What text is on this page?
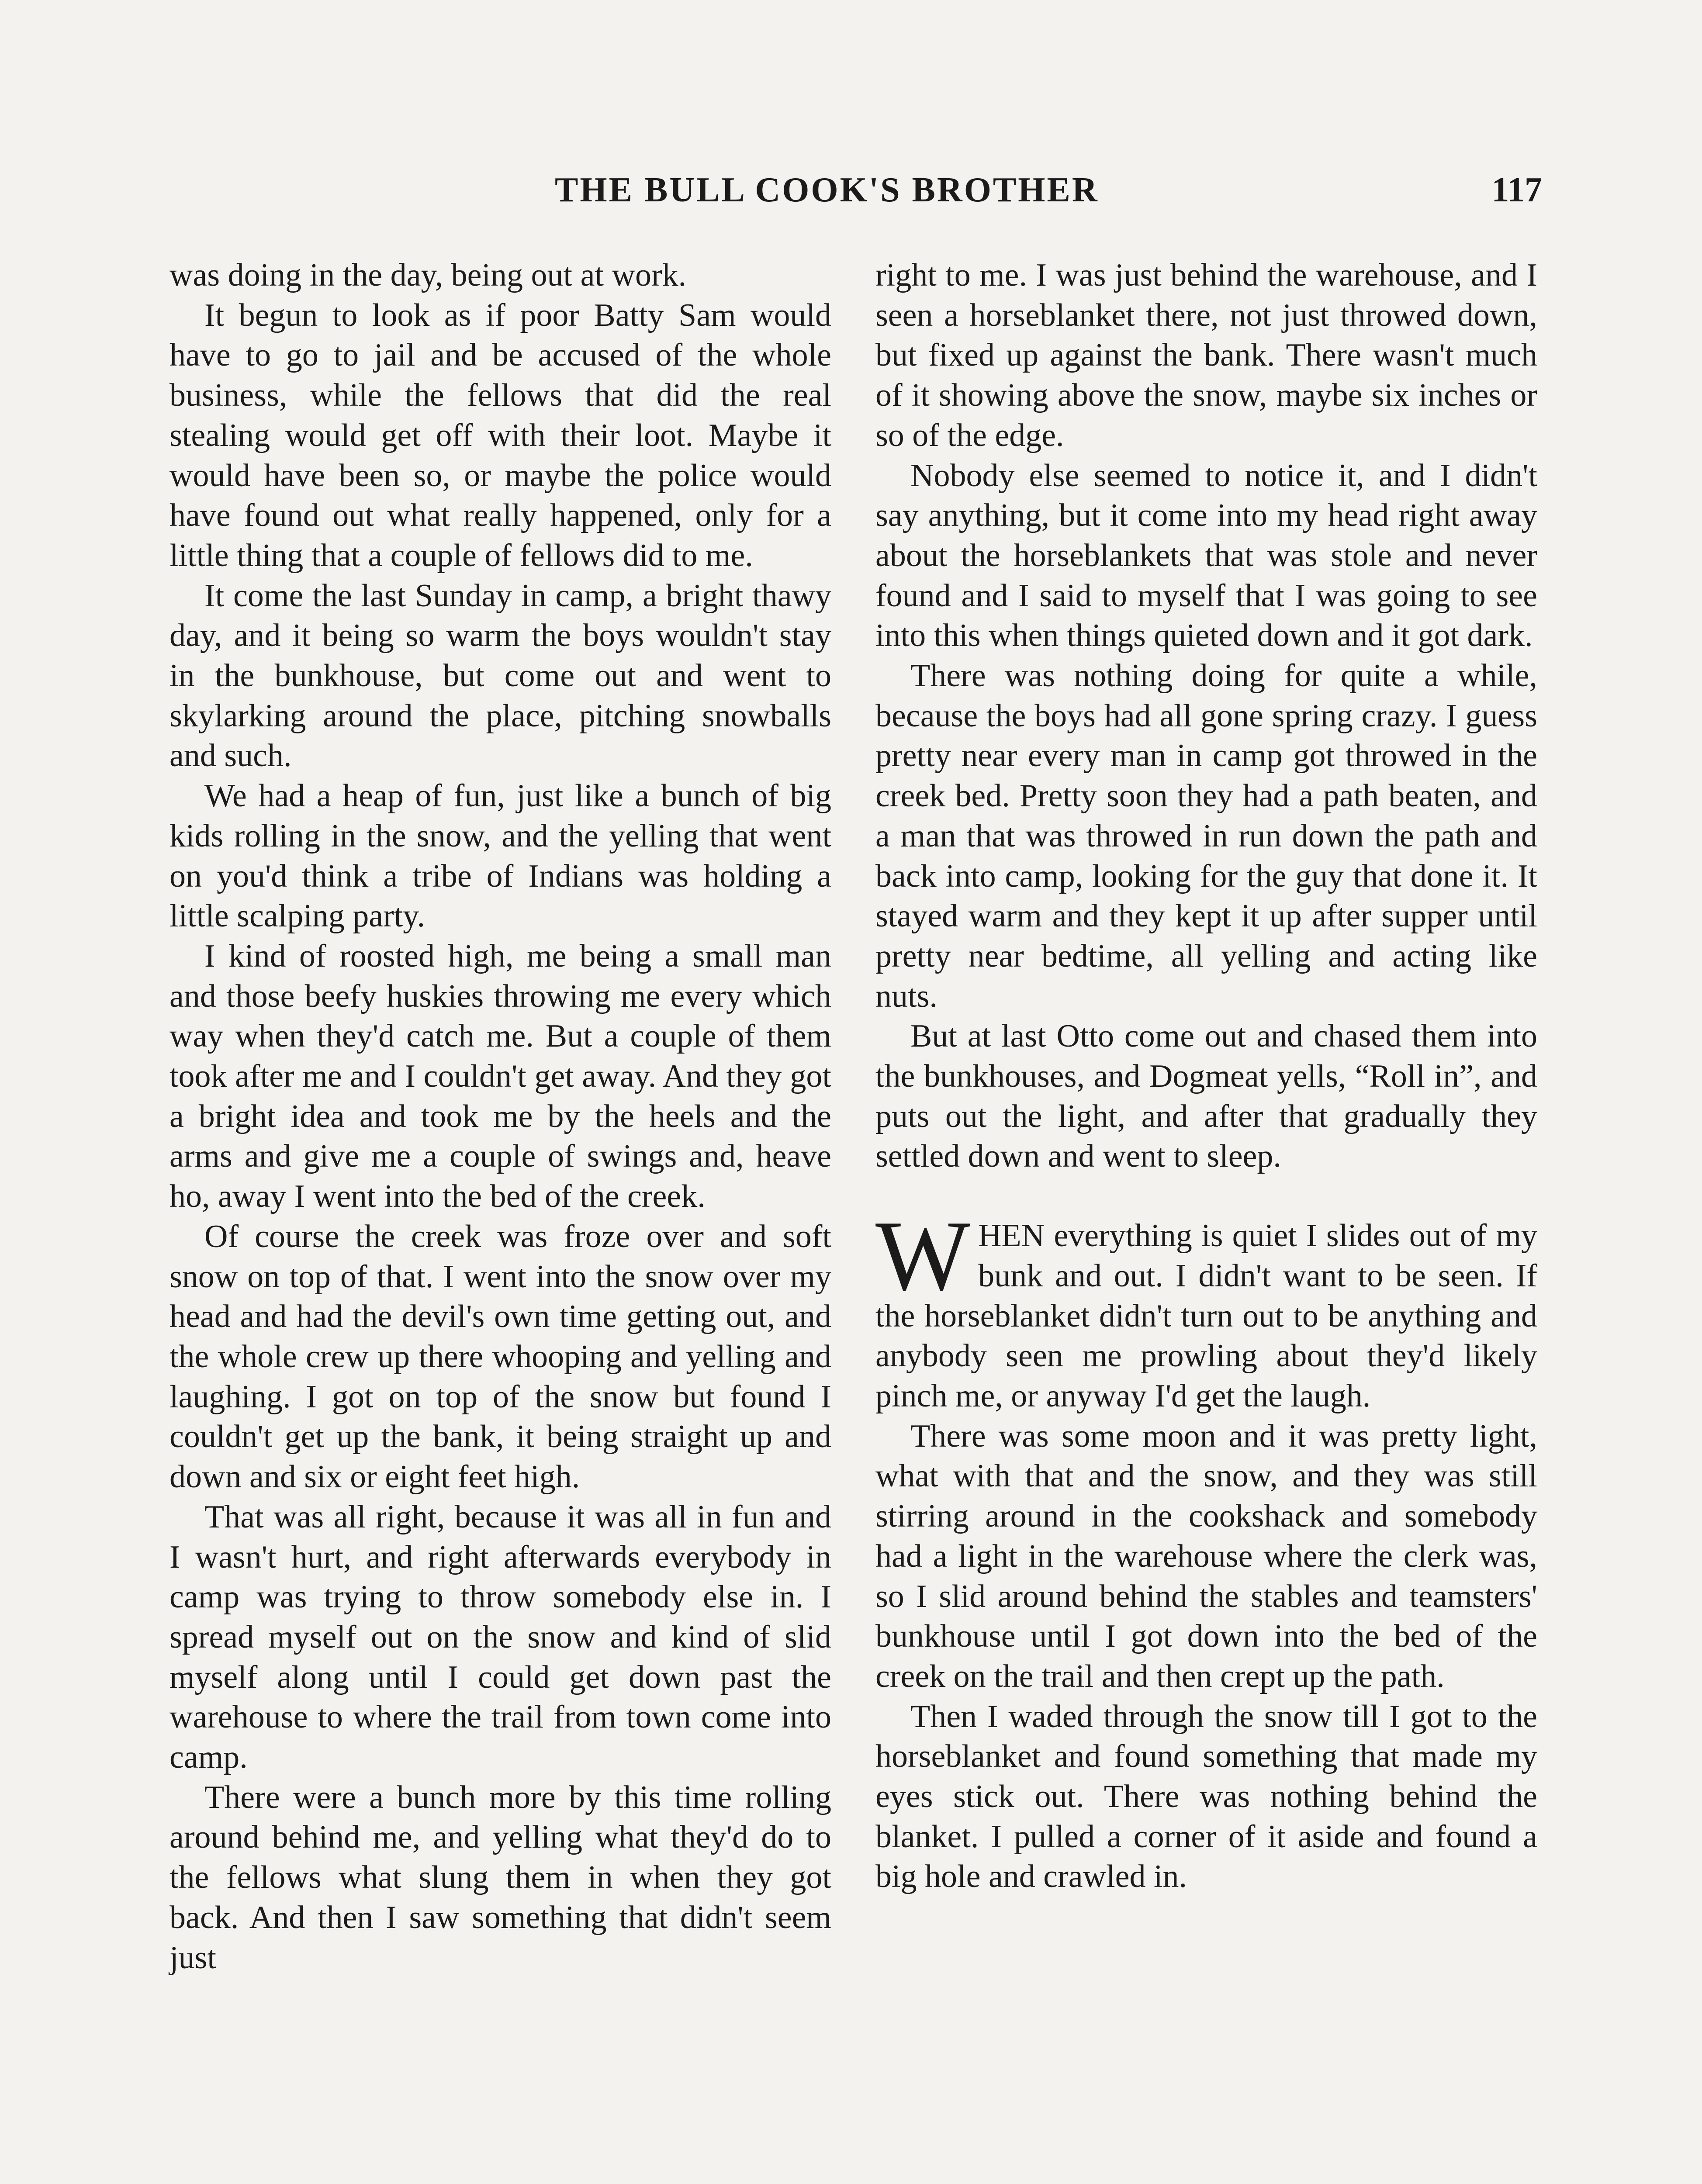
THE BULL COOK'S BROTHER	117

was doing in the day, being out at work.

It begun to look as if poor Batty Sam would have to go to jail and be accused of the whole business, while the fellows that did the real stealing would get off with their loot. Maybe it would have been so, or maybe the police would have found out what really happened, only for a little thing that a couple of fellows did to me.

It come the last Sunday in camp, a bright thawy day, and it being so warm the boys wouldn't stay in the bunkhouse, but come out and went to skylarking around the place, pitching snowballs and such.

We had a heap of fun, just like a bunch of big kids rolling in the snow, and the yelling that went on you'd think a tribe of Indians was holding a little scalping party.

I kind of roosted high, me being a small man and those beefy huskies throwing me every which way when they'd catch me. But a couple of them took after me and I couldn't get away. And they got a bright idea and took me by the heels and the arms and give me a couple of swings and, heave ho, away I went into the bed of the creek.

Of course the creek was froze over and soft snow on top of that. I went into the snow over my head and had the devil's own time getting out, and the whole crew up there whooping and yelling and laughing. I got on top of the snow but found I couldn't get up the bank, it being straight up and down and six or eight feet high.

That was all right, because it was all in fun and I wasn't hurt, and right afterwards everybody in camp was trying to throw somebody else in. I spread myself out on the snow and kind of slid myself along until I could get down past the warehouse to where the trail from town come into camp.

There were a bunch more by this time rolling around behind me, and yelling what they'd do to the fellows what slung them in when they got back. And then I saw something that didn't seem just

right to me. I was just behind the warehouse, and I seen a horseblanket there, not just throwed down, but fixed up against the bank. There wasn't much of it showing above the snow, maybe six inches or so of the edge.

Nobody else seemed to notice it, and I didn't say anything, but it come into my head right away about the horseblankets that was stole and never found and I said to myself that I was going to see into this when things quieted down and it got dark.

There was nothing doing for quite a while, because the boys had all gone spring crazy. I guess pretty near every man in camp got throwed in the creek bed. Pretty soon they had a path beaten, and a man that was throwed in run down the path and back into camp, looking for the guy that done it. It stayed warm and they kept it up after supper until pretty near bedtime, all yelling and acting like nuts.

But at last Otto come out and chased them into the bunkhouses, and Dogmeat yells, “Roll in”, and puts out the light, and after that gradually they settled down and went to sleep.

WHEN everything is quiet I slides out of my bunk and out. I didn't want to be seen. If the horseblanket didn't turn out to be anything and anybody seen me prowling about they'd likely pinch me, or anyway I'd get the laugh.

There was some moon and it was pretty light, what with that and the snow, and they was still stirring around in the cookshack and somebody had a light in the warehouse where the clerk was, so I slid around behind the stables and teamsters' bunkhouse until I got down into the bed of the creek on the trail and then crept up the path.

Then I waded through the snow till I got to the horseblanket and found something that made my eyes stick out. There was nothing behind the blanket. I pulled a corner of it aside and found a big hole and crawled in.
